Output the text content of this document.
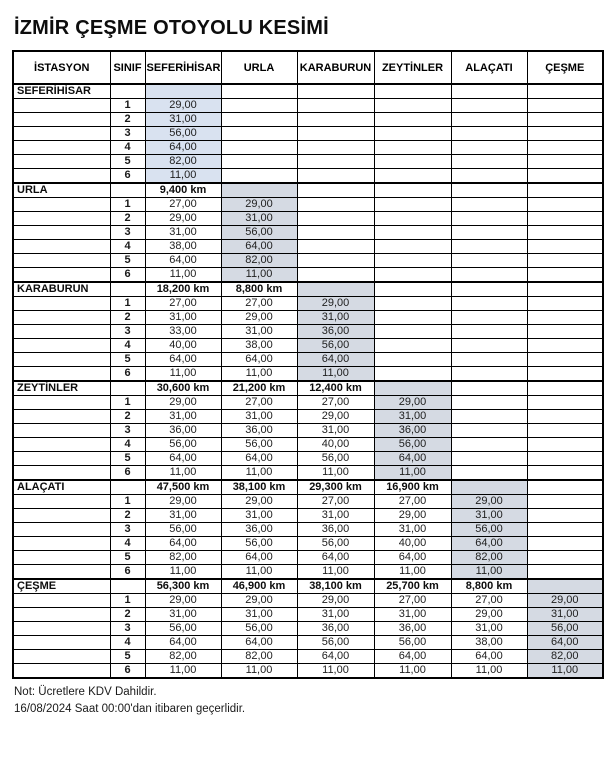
İZMİR ÇEŞME OTOYOLU KESİMİ
İSTASYON	SINIF	SEFERİHİSAR	URLA	KARABURUN	ZEYTİNLER	ALAÇATI	ÇEŞME
SEFERİHİSAR							
	1	29,00					
	2	31,00					
	3	56,00					
	4	64,00					
	5	82,00					
	6	11,00					
URLA		9,400 km					
	1	27,00	29,00				
	2	29,00	31,00				
	3	31,00	56,00				
	4	38,00	64,00				
	5	64,00	82,00				
	6	11,00	11,00				
KARABURUN		18,200 km	8,800 km				
	1	27,00	27,00	29,00			
	2	31,00	29,00	31,00			
	3	33,00	31,00	36,00			
	4	40,00	38,00	56,00			
	5	64,00	64,00	64,00			
	6	11,00	11,00	11,00			
ZEYTİNLER		30,600 km	21,200 km	12,400 km			
	1	29,00	27,00	27,00	29,00		
	2	31,00	31,00	29,00	31,00		
	3	36,00	36,00	31,00	36,00		
	4	56,00	56,00	40,00	56,00		
	5	64,00	64,00	56,00	64,00		
	6	11,00	11,00	11,00	11,00		
ALAÇATI		47,500 km	38,100 km	29,300 km	16,900 km		
	1	29,00	29,00	27,00	27,00	29,00	
	2	31,00	31,00	31,00	29,00	31,00	
	3	56,00	36,00	36,00	31,00	56,00	
	4	64,00	56,00	56,00	40,00	64,00	
	5	82,00	64,00	64,00	64,00	82,00	
	6	11,00	11,00	11,00	11,00	11,00	
ÇEŞME		56,300 km	46,900 km	38,100 km	25,700 km	8,800 km	
	1	29,00	29,00	29,00	27,00	27,00	29,00
	2	31,00	31,00	31,00	31,00	29,00	31,00
	3	56,00	56,00	36,00	36,00	31,00	56,00
	4	64,00	64,00	56,00	56,00	38,00	64,00
	5	82,00	82,00	64,00	64,00	64,00	82,00
	6	11,00	11,00	11,00	11,00	11,00	11,00
Not: Ücretlere KDV Dahildir.
16/08/2024 Saat 00:00'dan itibaren geçerlidir.
